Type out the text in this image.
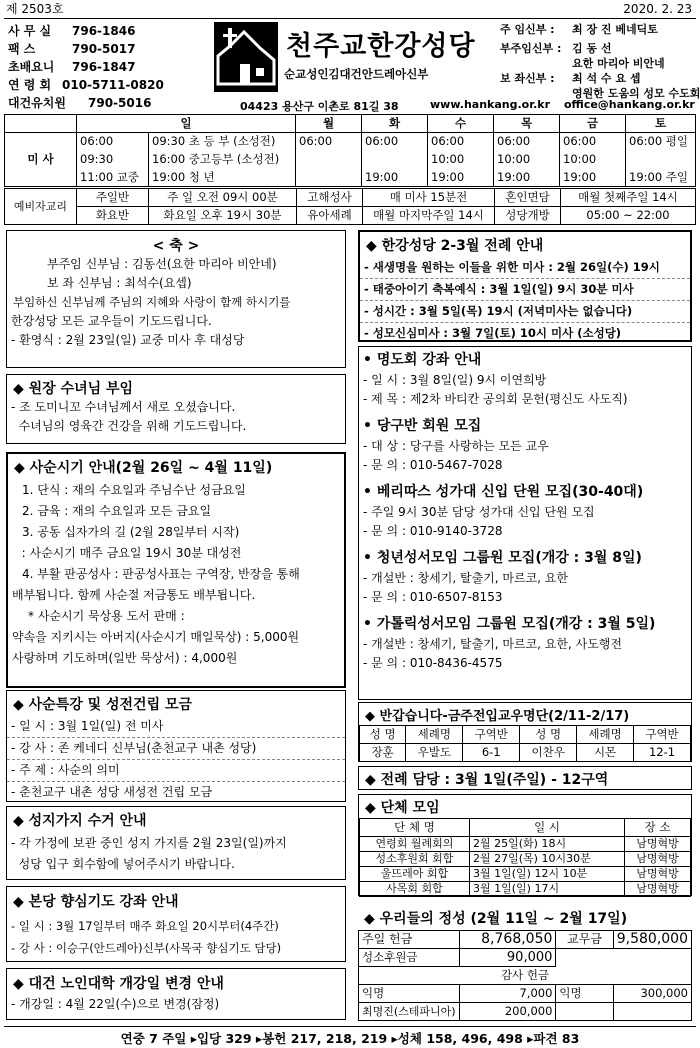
제 2503호	2020. 2. 23
사 무 실 796-1846
팩 스	790-5017
초배요니 796-1847
연 령 회 010-5711-0820
대건유치원 790-5016
천주교한강성당
순교성인김대건안드레아신부
주 임신부 : 최 장 진 베네딕토
부주임신부 : 김 동 선
요한 마리아 비안네
보 좌신부 : 최 석 수 요 셉
영원한 도움의 성모 수도회
04423 용산구 이촌로 81길 38	www.hankang.or.kr office@hankang.or.kr
	일		월	화	수	목	금	토
미 사	06:00	09:30 초 등 부 (소성전)	06:00	06:00	06:00	06:00	06:00	06:00 평일
	09:30	16:00 중고등부 (소성전)			10:00	10:00	10:00	
	11:00 교중	19:00 청 년		19:00	19:00	19:00	19:00	19:00 주일
예비자교리	주일반	주 일 오전 09시 00분	고해성사	매 미사 15분전	혼인면담	매월 첫째주일 14시
	화요반	화요일 오후 19시 30분	유아세례	매월 마지막주일 14시	성당개방	05:00 ~ 22:00
< 축 >
부주임 신부님 : 김동선(요한 마리아 비안네)
보 좌 신부님 : 최석수(요셉)
부임하신 신부님께 주님의 지혜와 사랑이 함께 하시기를
한강성당 모든 교우들이 기도드립니다.
- 환영식 : 2월 23일(일) 교중 미사 후 대성당
◆ 원장 수녀님 부임
- 조 도미니꼬 수녀님께서 새로 오셨습니다.
수녀님의 영육간 건강을 위해 기도드립니다.
◆ 사순시기 안내(2월 26일 ~ 4월 11일)
1. 단식 : 재의 수요일과 주님수난 성금요일
2. 금육 : 재의 수요일과 모든 금요일
3. 공동 십자가의 길 (2월 28일부터 시작)
: 사순시기 매주 금요일 19시 30분 대성전
4. 부활 판공성사 : 판공성사표는 구역장, 반장을 통해
배부됩니다. 함께 사순절 저금통도 배부됩니다.
* 사순시기 묵상용 도서 판매 :
약속을 지키시는 아버지(사순시기 매일묵상) : 5,000원
사랑하며 기도하며(일반 묵상서) : 4,000원
◆ 사순특강 및 성전건립 모금
- 일 시 : 3월 1일(일) 전 미사
- 강 사 : 존 케네디 신부님(춘천교구 내촌 성당)
- 주 제 : 사순의 의미
- 춘천교구 내촌 성당 새성전 건립 모금
◆ 성지가지 수거 안내
- 각 가정에 보관 중인 성지 가지를 2월 23일(일)까지
성당 입구 회수함에 넣어주시기 바랍니다.
◆ 본당 향심기도 강좌 안내
- 일 시 : 3월 17일부터 매주 화요일 20시부터(4주간)
- 강 사 : 이승구(안드레아)신부(사목국 향심기도 담당)
◆ 대건 노인대학 개강일 변경 안내
- 개강일 : 4월 22일(수)으로 변경(잠정)
◆ 한강성당 2-3월 전례 안내
- 새생명을 원하는 이들을 위한 미사 : 2월 26일(수) 19시
- 태중아이기 축복예식 : 3월 1일(일) 9시 30분 미사
- 성시간 : 3월 5일(목) 19시 (저녁미사는 없습니다)
- 성모신심미사 : 3월 7일(토) 10시 미사 (소성당)
• 명도회 강좌 안내
- 일 시 : 3월 8일(일) 9시 이연희방
- 제 목 : 제2차 바티칸 공의회 문헌(평신도 사도직)
• 당구반 회원 모집
- 대 상 : 당구를 사랑하는 모든 교우
- 문 의 : 010-5467-7028
• 베리따스 성가대 신입 단원 모집(30-40대)
- 주일 9시 30분 담당 성가대 신입 단원 모집
- 문 의 : 010-9140-3728
• 청년성서모임 그룹원 모집(개강 : 3월 8일)
- 개설반 : 창세기, 탈출기, 마르코, 요한
- 문 의 : 010-6507-8153
• 가톨릭성서모임 그룹원 모집(개강 : 3월 5일)
- 개설반 : 창세기, 탈출기, 마르코, 요한, 사도행전
- 문 의 : 010-8436-4575
◆ 반갑습니다-금주전입교우명단(2/11-2/17)
성 명	세례명	구역반	성 명	세례명	구역반
장훈	우발도	6-1	이찬우	시몬	12-1
◆ 전례 담당 : 3월 1일(주일) - 12구역
◆ 단체 모임
단 체 명	일 시	장 소
연령회 월례회의	2월 25일(화) 18시	남명혁방
성소후원회 회합	2월 27일(목) 10시30분	남명혁방
울뜨레아 회합	3월 1일(일) 12시 10분	남명혁방
사목회 회합	3월 1일(일) 17시	남명혁방
◆ 우리들의 정성 (2월 11일 ~ 2월 17일)
주일 헌금	8,768,050	교무금	9,580,000
성소후원금	90,000		
감사 헌금			
익명	7,000	익명	300,000
최명진(스테파니아)	200,000		
연중 7 주일 ▸입당 329 ▸봉헌 217, 218, 219 ▸성체 158, 496, 498 ▸파견 83
